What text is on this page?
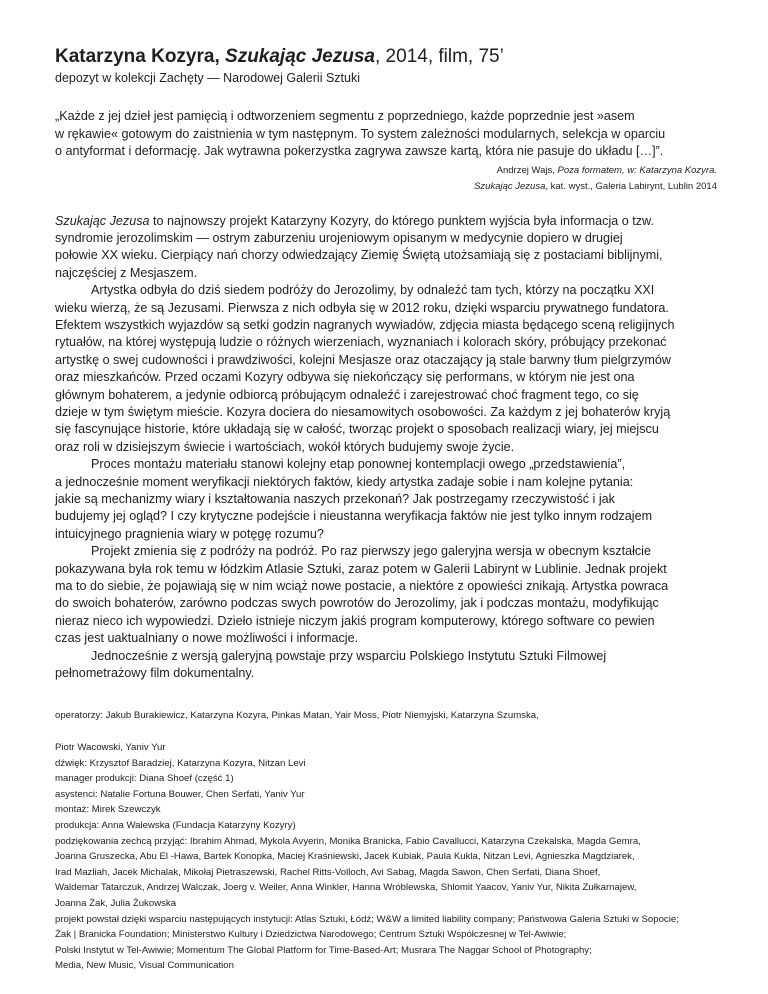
Katarzyna Kozyra, Szukając Jezusa, 2014, film, 75’
depozyt w kolekcji Zachęty — Narodowej Galerii Sztuki
„Każde z jej dzieł jest pamięcią i odtworzeniem segmentu z poprzedniego, każde poprzednie jest »asem
w rękawie« gotowym do zaistnienia w tym następnym. To system zależności modularnych, selekcja w oparciu
o antyformat i deformację. Jak wytrawna pokerzystka zagrywa zawsze kartą, która nie pasuje do układu […]”.
Andrzej Wajs, Poza formatem, w: Katarzyna Kozyra.
Szukając Jezusa, kat. wyst., Galeria Labirynt, Lublin 2014
Szukając Jezusa to najnowszy projekt Katarzyny Kozyry, do którego punktem wyjścia była informacja o tzw.
syndromie jerozolimskim — ostrym zaburzeniu urojeniowym opisanym w medycynie dopiero w drugiej
połowie XX wieku. Cierpiący nań chorzy odwiedzający Ziemię Świętą utożsamiają się z postaciami biblijnymi,
najczęściej z Mesjaszem.
Artystka odbyła do dziś siedem podróży do Jerozolimy, by odnaleźć tam tych, którzy na początku XXI
wieku wierzą, że są Jezusami. Pierwsza z nich odbyła się w 2012 roku, dzięki wsparciu prywatnego fundatora.
Efektem wszystkich wyjazdów są setki godzin nagranych wywiadów, zdjęcia miasta będącego sceną religijnych
rytuałów, na której występują ludzie o różnych wierzeniach, wyznaniach i kolorach skóry, próbujący przekonać
artystkę o swej cudowności i prawdziwości, kolejni Mesjasze oraz otaczający ją stale barwny tłum pielgrzymów
oraz mieszkańców. Przed oczami Kozyry odbywa się niekończący się performans, w którym nie jest ona
głównym bohaterem, a jedynie odbiorcą próbującym odnaleźć i zarejestrować choć fragment tego, co się
dzieje w tym świętym mieście. Kozyra dociera do niesamowitych osobowości. Za każdym z jej bohaterów kryją
się fascynujące historie, które układają się w całość, tworząc projekt o sposobach realizacji wiary, jej miejscu
oraz roli w dzisiejszym świecie i wartościach, wokół których budujemy swoje życie.
Proces montażu materiału stanowi kolejny etap ponownej kontemplacji owego „przedstawienia”,
a jednocześnie moment weryfikacji niektórych faktów, kiedy artystka zadaje sobie i nam kolejne pytania:
jakie są mechanizmy wiary i kształtowania naszych przekonań? Jak postrzegamy rzeczywistość i jak
budujemy jej ogląd? I czy krytyczne podejście i nieustanna weryfikacja faktów nie jest tylko innym rodzajem
intuicyjnego pragnienia wiary w potęgę rozumu?
Projekt zmienia się z podróży na podróż. Po raz pierwszy jego galeryjna wersja w obecnym kształcie
pokazywana była rok temu w łódzkim Atlasie Sztuki, zaraz potem w Galerii Labirynt w Lublinie. Jednak projekt
ma to do siebie, że pojawiają się w nim wciąż nowe postacie, a niektóre z opowieści znikają. Artystka powraca
do swoich bohaterów, zarówno podczas swych powrotów do Jerozolimy, jak i podczas montażu, modyfikując
nieraz nieco ich wypowiedzi. Dzieło istnieje niczym jakiś program komputerowy, którego software co pewien
czas jest uaktualniany o nowe możliwości i informacje.
Jednocześnie z wersją galeryjną powstaje przy wsparciu Polskiego Instytutu Sztuki Filmowej
pełnometrażowy film dokumentalny.
operatorzy: Jakub Burakiewicz, Katarzyna Kozyra, Pinkas Matan, Yair Moss, Piotr Niemyjski, Katarzyna Szumska,
Piotr Wacowski, Yaniv Yur
dźwięk: Krzysztof Baradziej, Katarzyna Kozyra, Nitzan Levi
manager produkcji: Diana Shoef (część 1)
asystenci: Natalie Fortuna Bouwer, Chen Serfati, Yaniv Yur
montaż: Mirek Szewczyk
produkcja: Anna Walewska (Fundacja Katarzyny Kozyry)
podziękowania zechcą przyjąć: Ibrahim Ahmad, Mykola Avyerin, Monika Branicka, Fabio Cavallucci, Katarzyna Czekalska, Magda Gemra,
Joanna Gruszecka, Abu El -Hawa, Bartek Konopka, Maciej Kraśniewski, Jacek Kubiak, Paula Kukla, Nitzan Levi, Agnieszka Magdziarek,
Irad Mazliah, Jacek Michalak, Mikołaj Pietraszewski, Rachel Ritts-Volloch, Avi Sabag, Magda Sawon, Chen Serfati, Diana Shoef,
Waldemar Tatarczuk, Andrzej Walczak, Joerg v. Weiler, Anna Winkler, Hanna Wróblewska, Shlomit Yaacov, Yaniv Yur, Nikita Zułkarnajew,
Joanna Żak, Julia Żukowska
projekt powstał dzięki wsparciu następujących instytucji: Atlas Sztuki, Łódź; W&W a limited liability company; Państwowa Galeria Sztuki w Sopocie;
Żak | Branicka Foundation; Ministerstwo Kultury i Dziedzictwa Narodowego; Centrum Sztuki Współczesnej w Tel-Awiwie;
Polski Instytut w Tel-Awiwie; Momentum The Global Platform for Time-Based-Art; Musrara The Naggar School of Photography;
Media, New Music, Visual Communication
